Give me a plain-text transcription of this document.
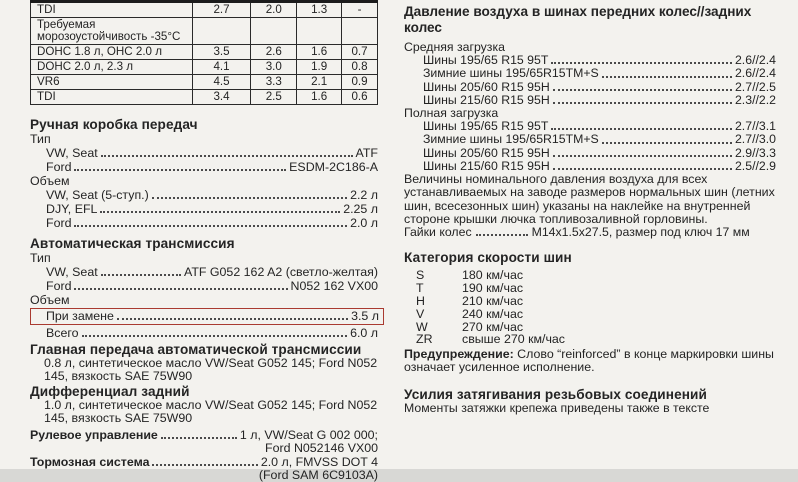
TDI	2.7	2.0	1.3	-

Требуемая
морозоустойчивость -35°C				

DOHC 1.8 л, OHC 2.0 л	3.5	2.6	1.6	0.7
DOHC 2.0 л, 2.3 л	4.1	3.0	1.9	0.8
VR6	4.5	3.3	2.1	0.9
TDI	3.4	2.5	1.6	0.6
Ручная коробка передач
Тип
VW, Seat	ATF
Ford	ESDM-2C186-A
Объем
VW, Seat (5-ступ.)	2.2 л
DJY, EFL	2.25 л
Ford	2.0 л
Автоматическая трансмиссия
Тип
VW, Seat	ATF G052 162 A2 (светло-желтая)
Ford	N052 162 VX00
Объем
При замене	3.5 л
Всего	6.0 л
Главная передача автоматической трансмиссии
0.8 л, синтетическое масло VW/Seat G052 145; Ford N052 145, вязкость SAE 75W90
Дифференциал задний
1.0 л, синтетическое масло VW/Seat G052 145; Ford N052 145, вязкость SAE 75W90
Рулевое управление	1 л, VW/Seat G 002 000;
Ford N052146 VX00
Тормозная система	2.0 л, FMVSS DOT 4
(Ford SAM 6C9103A)
Давление воздуха в шинах передних колес//задних колес
Средняя загрузка
Шины 195/65 R15 95T	2.6//2.4
Зимние шины 195/65R15TM+S	2.6//2.4
Шины 205/60 R15 95H	2.7//2.5
Шины 215/60 R15 95H	2.3//2.2
Полная загрузка
Шины 195/65 R15 95T	2.7//3.1
Зимние шины 195/65R15TM+S	2.7//3.0
Шины 205/60 R15 95H	2.9//3.3
Шины 215/60 R15 95H	2.5//2.9
Величины номинального давления воздуха для всех устанавливаемых на заводе размеров нормальных шин (летних шин, всесезонных шин) указаны на наклейке на внутренней стороне крышки лючка топливозаливной горловины.
Гайки колес	M14x1.5x27.5, размер под ключ 17 мм
Категория скорости шин
S	180 км/час
T	190 км/час
H	210 км/час
V	240 км/час
W	270 км/час
ZR	свыше 270 км/час
Предупреждение: Слово “reinforced” в конце маркировки шины означает усиленное исполнение.
Усилия затягивания резьбовых соединений
Моменты затяжки крепежа приведены также в тексте
